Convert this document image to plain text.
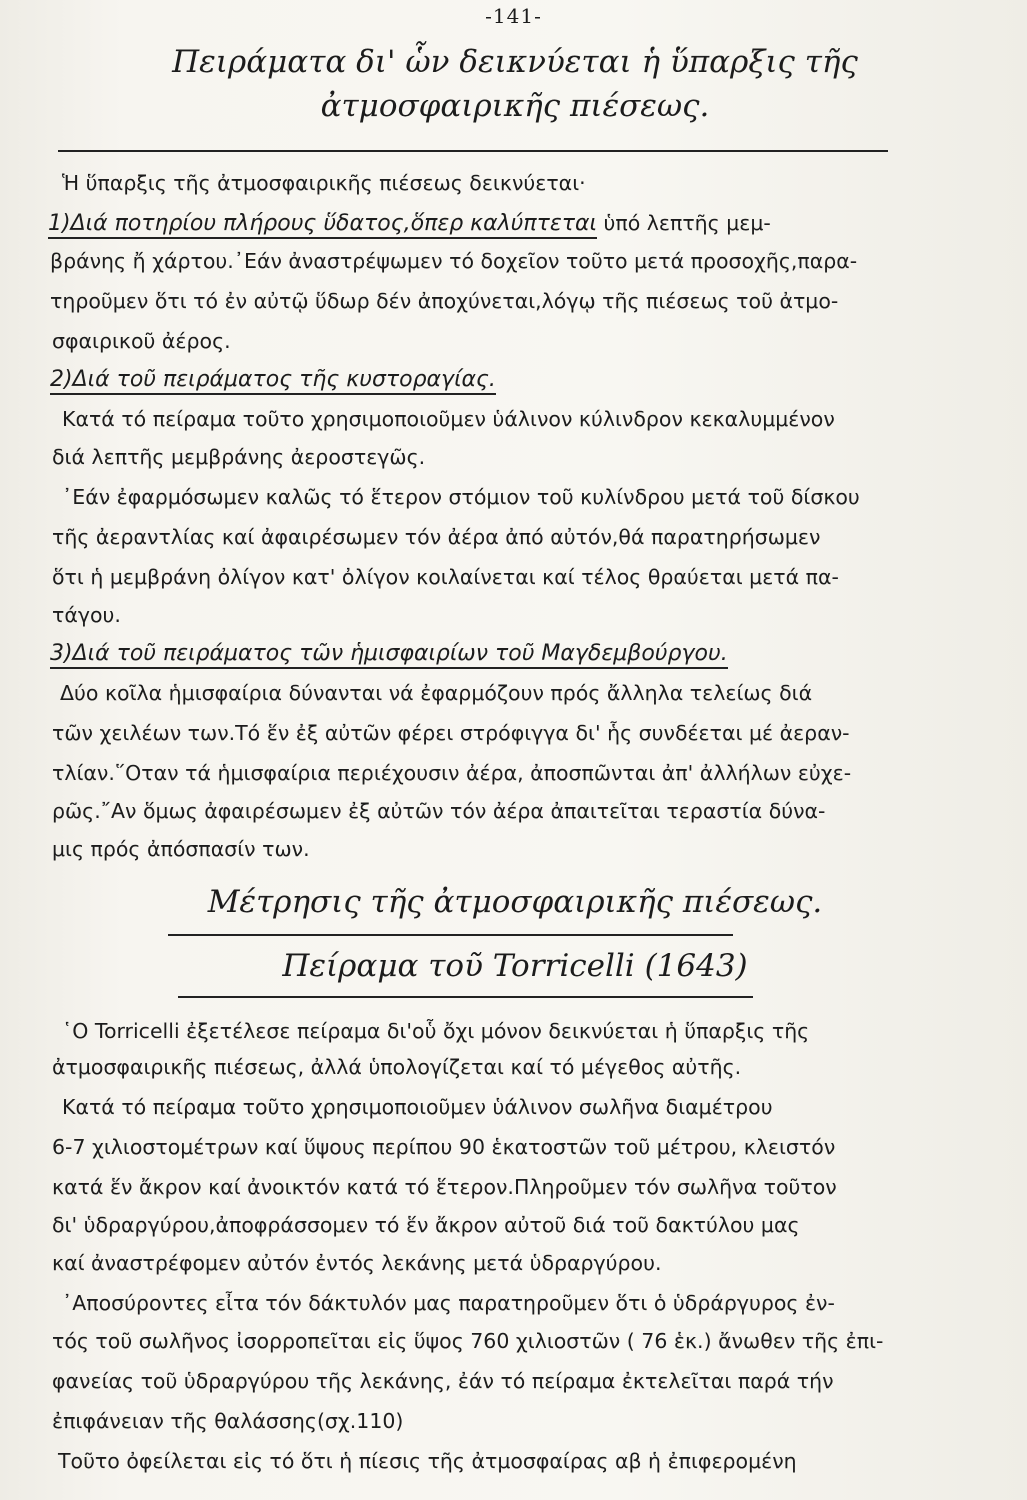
-141-
Πειράματα δι' ὧν δεικνύεται ἡ ὕπαρξις τῆς
ἀτμοσφαιρικῆς πιέσεως.
Ἡ ὕπαρξις τῆς ἀτμοσφαιρικῆς πιέσεως δεικνύεται·
1)Διά ποτηρίου πλήρους ὕδατος,ὅπερ καλύπτεται ὑπό λεπτῆς μεμ-
βράνης ἤ χάρτου.᾿Εάν ἀναστρέψωμεν τό δοχεῖον τοῦτο μετά προσοχῆς,παρα-
τηροῦμεν ὅτι τό ἐν αὐτῷ ὕδωρ δέν ἀποχύνεται,λόγῳ τῆς πιέσεως τοῦ ἀτμο-
σφαιρικοῦ ἀέρος.
2)Διά τοῦ πειράματος τῆς κυστοραγίας.
Κατά τό πείραμα τοῦτο χρησιμοποιοῦμεν ὑάλινον κύλινδρον κεκαλυμμένον
διά λεπτῆς μεμβράνης ἀεροστεγῶς.
᾿Εάν ἐφαρμόσωμεν καλῶς τό ἕτερον στόμιον τοῦ κυλίνδρου μετά τοῦ δίσκου
τῆς ἀεραντλίας καί ἀφαιρέσωμεν τόν ἀέρα ἀπό αὐτόν,θά παρατηρήσωμεν
ὅτι ἡ μεμβράνη ὀλίγον κατ' ὀλίγον κοιλαίνεται καί τέλος θραύεται μετά πα-
τάγου.
3)Διά τοῦ πειράματος τῶν ἡμισφαιρίων τοῦ Μαγδεμβούργου.
Δύο κοῖλα ἡμισφαίρια δύνανται νά ἐφαρμόζουν πρός ἄλληλα τελείως διά
τῶν χειλέων των.Τό ἕν ἐξ αὐτῶν φέρει στρόφιγγα δι' ἧς συνδέεται μέ ἀεραν-
τλίαν.῞Οταν τά ἡμισφαίρια περιέχουσιν ἀέρα, ἀποσπῶνται ἀπ' ἀλλήλων εὐχε-
ρῶς.῎Αν ὅμως ἀφαιρέσωμεν ἐξ αὐτῶν τόν ἀέρα ἀπαιτεῖται τεραστία δύνα-
μις πρός ἀπόσπασίν των.
Μέτρησις τῆς ἀτμοσφαιρικῆς πιέσεως.
Πείραμα τοῦ Torricelli (1643)
῾Ο Torricelli ἐξετέλεσε πείραμα δι'οὗ ὄχι μόνον δεικνύεται ἡ ὕπαρξις τῆς
ἀτμοσφαιρικῆς πιέσεως, ἀλλά ὑπολογίζεται καί τό μέγεθος αὐτῆς.
Κατά τό πείραμα τοῦτο χρησιμοποιοῦμεν ὑάλινον σωλῆνα διαμέτρου
6-7 χιλιοστομέτρων καί ὕψους περίπου 90 ἑκατοστῶν τοῦ μέτρου, κλειστόν
κατά ἕν ἄκρον καί ἀνοικτόν κατά τό ἕτερον.Πληροῦμεν τόν σωλῆνα τοῦτον
δι' ὑδραργύρου,ἀποφράσσομεν τό ἕν ἄκρον αὐτοῦ διά τοῦ δακτύλου μας
καί ἀναστρέφομεν αὐτόν ἐντός λεκάνης μετά ὑδραργύρου.
᾿Αποσύροντες εἶτα τόν δάκτυλόν μας παρατηροῦμεν ὅτι ὁ ὑδράργυρος ἐν-
τός τοῦ σωλῆνος ἰσορροπεῖται εἰς ὕψος 760 χιλιοστῶν ( 76 ἑκ.) ἄνωθεν τῆς ἐπι-
φανείας τοῦ ὑδραργύρου τῆς λεκάνης, ἐάν τό πείραμα ἐκτελεῖται παρά τήν
ἐπιφάνειαν τῆς θαλάσσης(σχ.110)
Τοῦτο ὀφείλεται εἰς τό ὅτι ἡ πίεσις τῆς ἀτμοσφαίρας αβ ἡ ἐπιφερομένη
